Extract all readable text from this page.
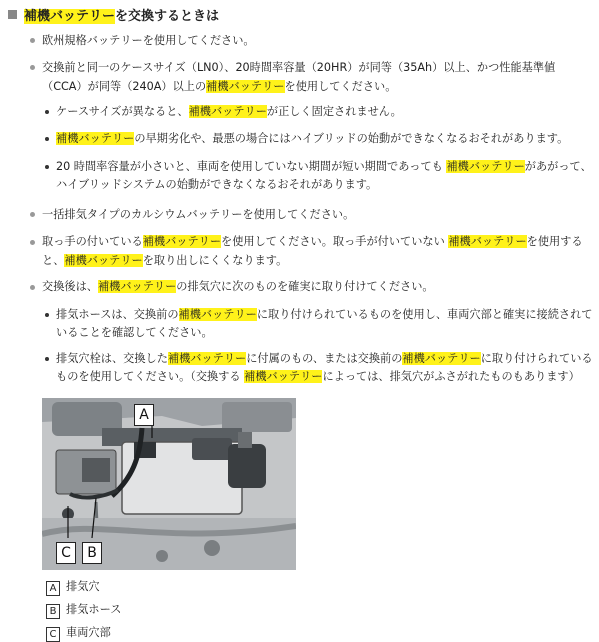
補機バッテリーを交換するときは
欧州規格バッテリーを使用してください。
交換前と同一のケースサイズ（LN0）、20時間率容量（20HR）が同等（35Ah）以上、かつ性能基準値
（CCA）が同等（240A）以上の補機バッテリーを使用してください。
ケースサイズが異なると、補機バッテリーが正しく固定されません。
補機バッテリーの早期劣化や、最悪の場合にはハイブリッドの始動ができなくなるおそれがあります。
20 時間率容量が小さいと、車両を使用していない期間が短い期間であっても 補機バッテリーがあがって、
ハイブリッドシステムの始動ができなくなるおそれがあります。
一括排気タイプのカルシウムバッテリーを使用してください。
取っ手の付いている補機バッテリーを使用してください。取っ手が付いていない 補機バッテリーを使用する
と、補機バッテリーを取り出しにくくなります。
交換後は、補機バッテリーの排気穴に次のものを確実に取り付けてください。
排気ホースは、交換前の補機バッテリーに取り付けられているものを使用し、車両穴部と確実に接続されて
いることを確認してください。
排気穴栓は、交換した補機バッテリーに付属のもの、または交換前の補機バッテリーに取り付けられている
ものを使用してください。（交換する 補機バッテリーによっては、排気穴がふさがれたものもあります）
A
C	B
A 排気穴
B 排気ホース
C 車両穴部
